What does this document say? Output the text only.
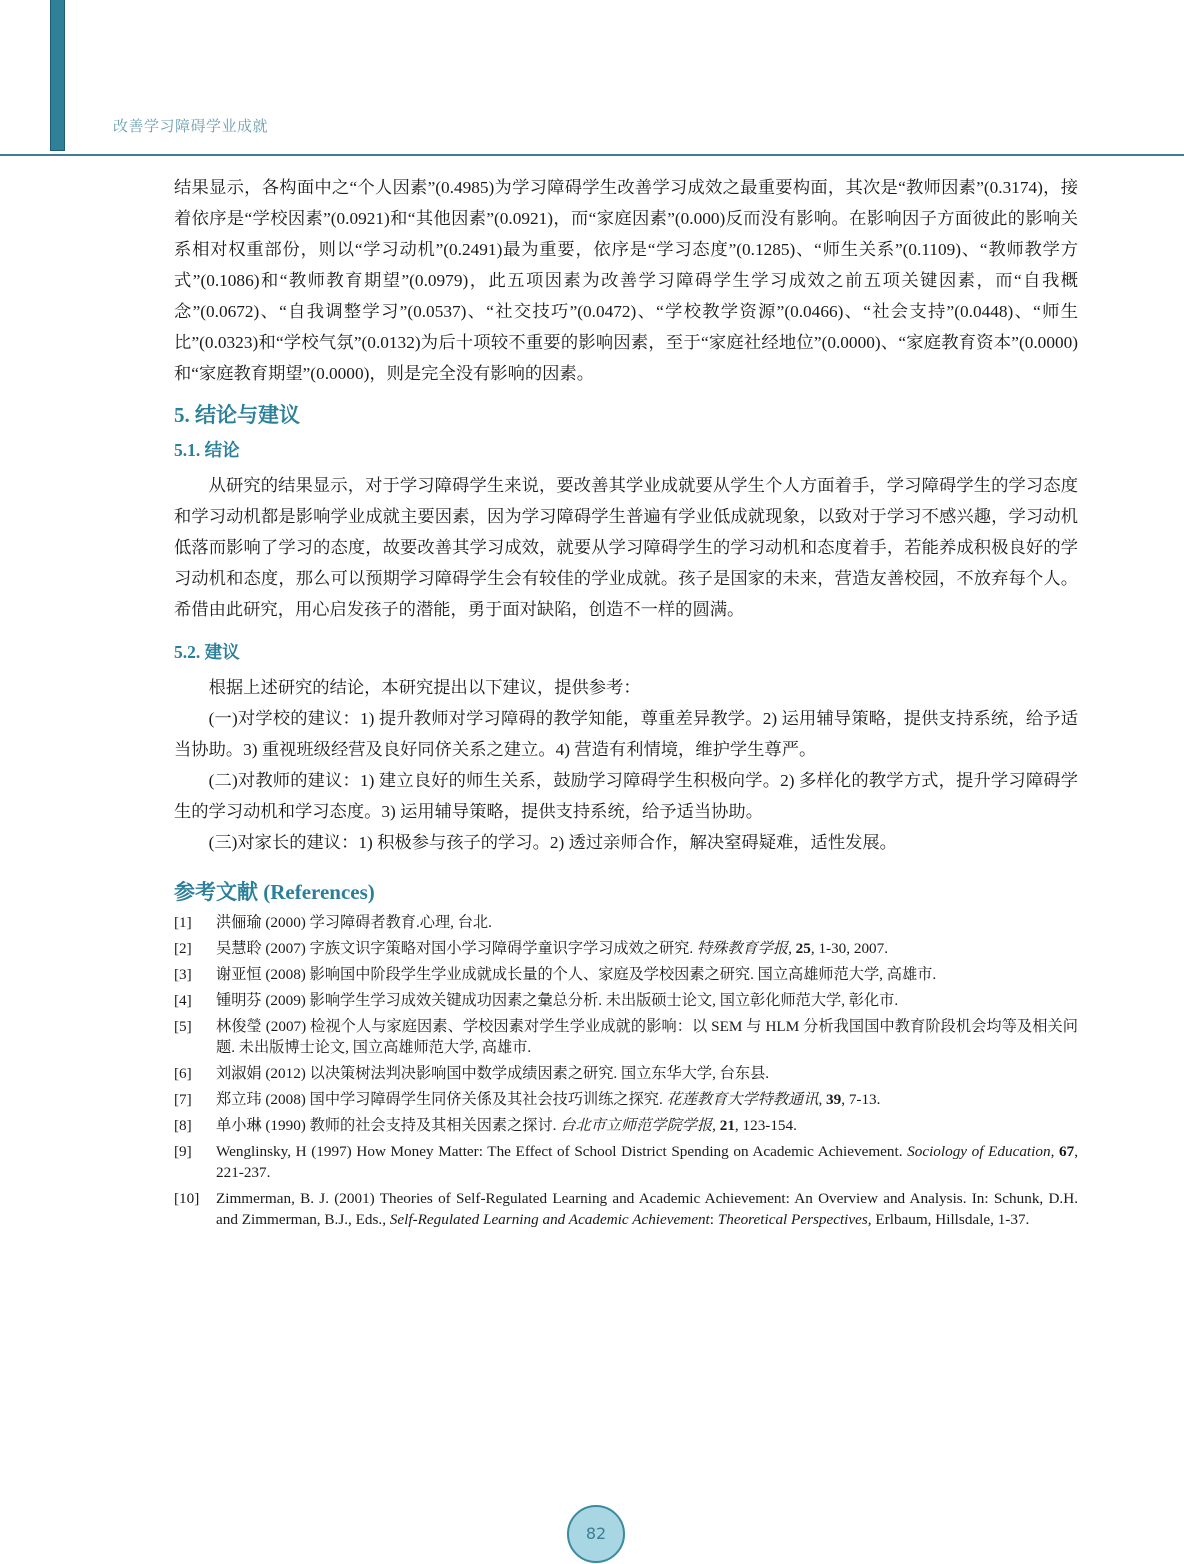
改善学习障碍学业成就

结果显示，各构面中之“个人因素”(0.4985)为学习障碍学生改善学习成效之最重要构面，其次是“教师因素”(0.3174)，接着依序是“学校因素”(0.0921)和“其他因素”(0.0921)，而“家庭因素”(0.000)反而没有影响。在影响因子方面彼此的影响关系相对权重部份，则以“学习动机”(0.2491)最为重要，依序是“学习态度”(0.1285)、“师生关系”(0.1109)、“教师教学方式”(0.1086)和“教师教育期望”(0.0979)，此五项因素为改善学习障碍学生学习成效之前五项关键因素，而“自我概念”(0.0672)、“自我调整学习”(0.0537)、“社交技巧”(0.0472)、“学校教学资源”(0.0466)、“社会支持”(0.0448)、“师生比”(0.0323)和“学校气氛”(0.0132)为后十项较不重要的影响因素，至于“家庭社经地位”(0.0000)、“家庭教育资本”(0.0000)和“家庭教育期望”(0.0000)，则是完全没有影响的因素。

5. 结论与建议
5.1. 结论

从研究的结果显示，对于学习障碍学生来说，要改善其学业成就要从学生个人方面着手，学习障碍学生的学习态度和学习动机都是影响学业成就主要因素，因为学习障碍学生普遍有学业低成就现象，以致对于学习不感兴趣，学习动机低落而影响了学习的态度，故要改善其学习成效，就要从学习障碍学生的学习动机和态度着手，若能养成积极良好的学习动机和态度，那么可以预期学习障碍学生会有较佳的学业成就。孩子是国家的未来，营造友善校园，不放弃每个人。希借由此研究，用心启发孩子的潜能，勇于面对缺陷，创造不一样的圆满。

5.2. 建议

根据上述研究的结论，本研究提出以下建议，提供参考：

(一)对学校的建议：1) 提升教师对学习障碍的教学知能，尊重差异教学。2) 运用辅导策略，提供支持系统，给予适当协助。3) 重视班级经营及良好同侪关系之建立。4) 营造有利情境，维护学生尊严。

(二)对教师的建议：1) 建立良好的师生关系，鼓励学习障碍学生积极向学。2) 多样化的教学方式，提升学习障碍学生的学习动机和学习态度。3) 运用辅导策略，提供支持系统，给予适当协助。

(三)对家长的建议：1) 积极参与孩子的学习。2) 透过亲师合作，解决窒碍疑难，适性发展。

参考文献 (References)
[1]	洪俪瑜 (2000) 学习障碍者教育.心理, 台北.
[2]	吴慧聆 (2007) 字族文识字策略对国小学习障碍学童识字学习成效之研究. 特殊教育学报, 25, 1-30, 2007.
[3]	谢亚恒 (2008) 影响国中阶段学生学业成就成长量的个人、家庭及学校因素之研究. 国立高雄师范大学, 高雄市.
[4]	锺明芬 (2009) 影响学生学习成效关键成功因素之彙总分析. 未出版硕士论文, 国立彰化师范大学, 彰化市.
[5]	林俊瑩 (2007) 检视个人与家庭因素、学校因素对学生学业成就的影响：以 SEM 与 HLM 分析我国国中教育阶段机会均等及相关问题. 未出版博士论文, 国立高雄师范大学, 高雄市.
[6]	刘淑娟 (2012) 以决策树法判决影响国中数学成绩因素之研究. 国立东华大学, 台东县.
[7]	郑立玮 (2008) 国中学习障碍学生同侪关係及其社会技巧训练之探究. 花莲教育大学特教通讯, 39, 7-13.
[8]	单小琳 (1990) 教师的社会支持及其相关因素之探讨. 台北市立师范学院学报, 21, 123-154.
[9]	Wenglinsky, H (1997) How Money Matter: The Effect of School District Spending on Academic Achievement. Sociology of Education, 67, 221-237.
[10]	Zimmerman, B. J. (2001) Theories of Self-Regulated Learning and Academic Achievement: An Overview and Analysis. In: Schunk, D.H. and Zimmerman, B.J., Eds., Self-Regulated Learning and Academic Achievement: Theoretical Perspectives, Erlbaum, Hillsdale, 1-37.
82
